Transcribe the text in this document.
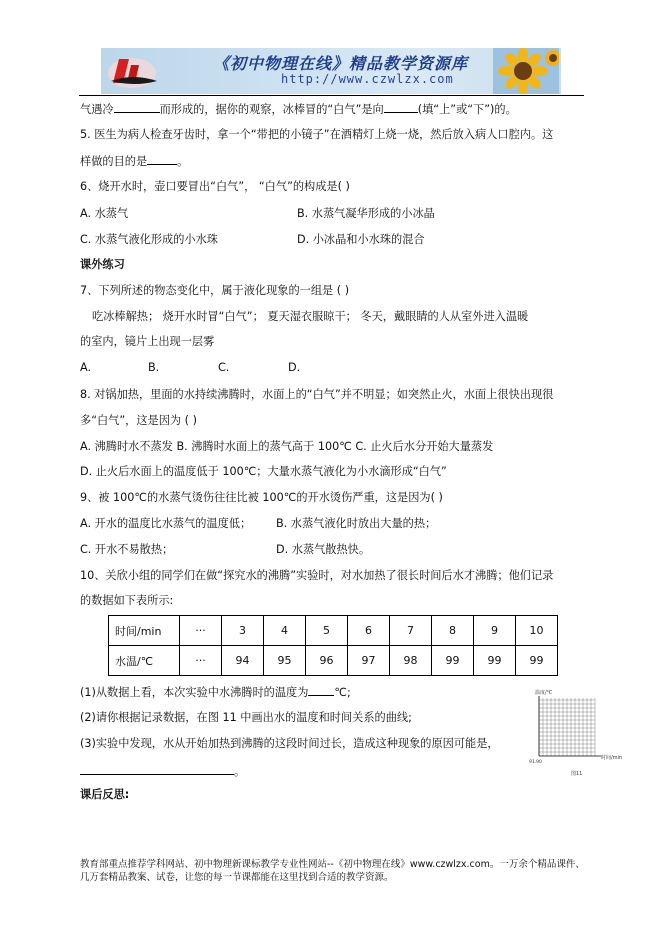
《初中物理在线》精品教学资源库
http://www.czwlzx.com
气遇冷	而形成的，据你的观察，冰棒冒的“白气”是向	(填“上”或“下”)的。
5. 医生为病人检查牙齿时，拿一个“带把的小镜子”在酒精灯上烧一烧，然后放入病人口腔内。这
样做的目的是	。
6、烧开水时，壶口要冒出“白气”， “白气”的构成是( )
A. 水蒸气	B. 水蒸气凝华形成的小冰晶
C. 水蒸气液化形成的小水珠	D. 小冰晶和小水珠的混合
课外练习
7、下列所述的物态变化中，属于液化现象的一组是 ( )
吃冰棒解热； 烧开水时冒“白气”； 夏天湿衣服晾干； 冬天，戴眼睛的人从室外进入温暖
的室内，镜片上出现一层雾
A.	B.	C.	D.
8. 对锅加热，里面的水持续沸腾时，水面上的“白气”并不明显；如突然止火，水面上很快出现很
多“白气”，这是因为 ( )
A. 沸腾时水不蒸发 B. 沸腾时水面上的蒸气高于 100℃ C. 止火后水分开始大量蒸发
D. 止火后水面上的温度低于 100℃；大量水蒸气液化为小水滴形成“白气”
9、被 100℃的水蒸气烫伤往往比被 100℃的开水烫伤严重，这是因为( )
A. 开水的温度比水蒸气的温度低； B. 水蒸气液化时放出大量的热；
C. 开水不易散热；	D. 水蒸气散热快。
10、关欣小组的同学们在做“探究水的沸腾”实验时，对水加热了很长时间后水才沸腾；他们记录
的数据如下表所示:
时间/min	···	3	4	5	6	7	8	9	10
水温/℃	···	94	95	96	97	98	99	99	99
(1)从数据上看，本次实验中水沸腾时的温度为 ℃;
(2)请你根据记录数据，在图 11 中画出水的温度和时间关系的曲线;
(3)实验中发现，水从开始加热到沸腾的这段时间过长，造成这种现象的原因可能是，
。
温度/℃
时间/min
91.90
图11
课后反思:
教育部重点推荐学科网站、初中物理新课标教学专业性网站--《初中物理在线》www.czwlzx.com。一万余个精品课件、
几万套精品教案、试卷，让您的每一节课都能在这里找到合适的教学资源。
